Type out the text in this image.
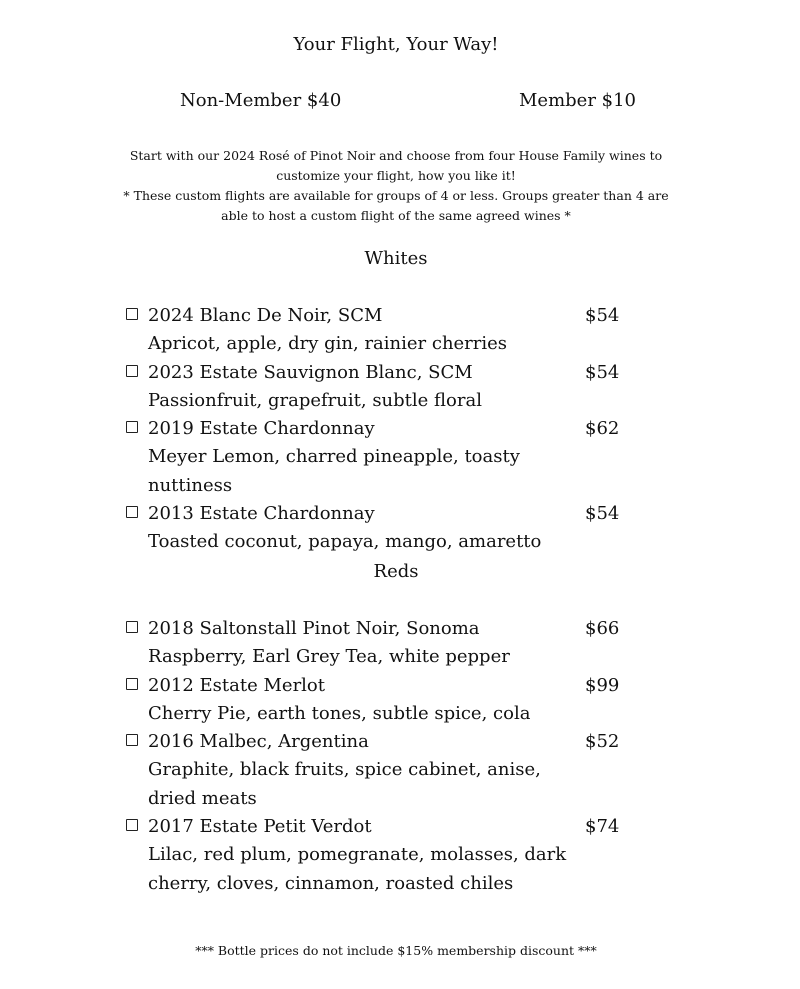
Your Flight, Your Way!
Non-Member $40	Member $10
Start with our 2024 Rosé of Pinot Noir and choose from four House Family wines to customize your flight, how you like it!
* These custom flights are available for groups of 4 or less. Groups greater than 4 are able to host a custom flight of the same agreed wines *
Whites
2024 Blanc De Noir, SCM	$54
Apricot, apple, dry gin, rainier cherries
2023 Estate Sauvignon Blanc, SCM	$54
Passionfruit, grapefruit, subtle floral
2019 Estate Chardonnay	$62
Meyer Lemon, charred pineapple, toasty nuttiness
2013 Estate Chardonnay	$54
Toasted coconut, papaya, mango, amaretto
Reds
2018 Saltonstall Pinot Noir, Sonoma	$66
Raspberry, Earl Grey Tea, white pepper
2012 Estate Merlot	$99
Cherry Pie, earth tones, subtle spice, cola
2016 Malbec, Argentina	$52
Graphite, black fruits, spice cabinet, anise, dried meats
2017 Estate Petit Verdot	$74
Lilac, red plum, pomegranate, molasses, dark cherry, cloves, cinnamon, roasted chiles
*** Bottle prices do not include $15% membership discount ***
